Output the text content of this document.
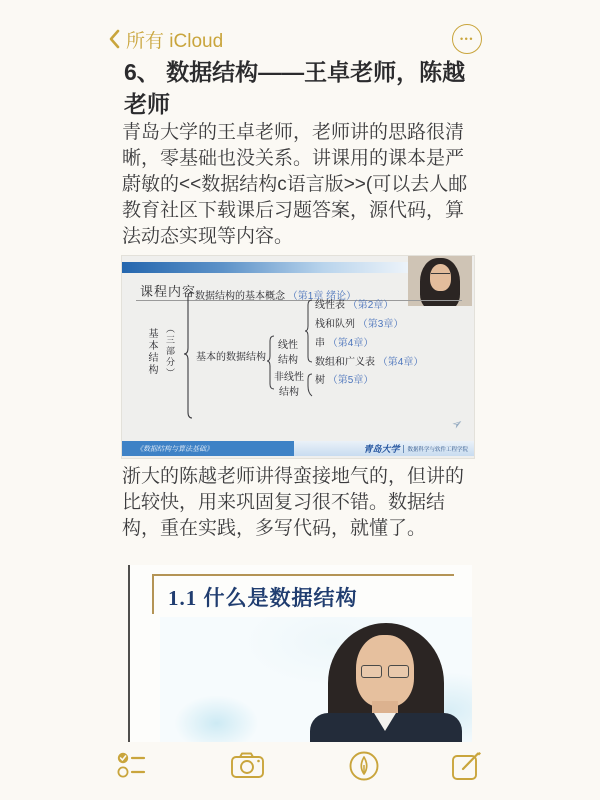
所有 iCloud	•••
6、 数据结构——王卓老师，陈越老师
青岛大学的王卓老师，老师讲的思路很清晰，零基础也没关系。讲课用的课本是严蔚敏的<<数据结构c语言版>>(可以去人邮教育社区下载课后习题答案，源代码，算法动态实现等内容。
浙大的陈越老师讲得蛮接地气的，但讲的比较快，用来巩固复习很不错。数据结构，重在实践，多写代码，就懂了。
课程内容
基本结构 （三部分）
数据结构的基本概念 （第1章 绪论）
基本的数据结构
线性
结构
非线性
结构
线性表 （第2章）
栈和队列 （第3章）
串 （第4章）
数组和广义表 （第4章）
树 （第5章）
➢
《数据结构与算法基础》	青岛大学	数据科学与软件工程学院
1.1 什么是数据结构
